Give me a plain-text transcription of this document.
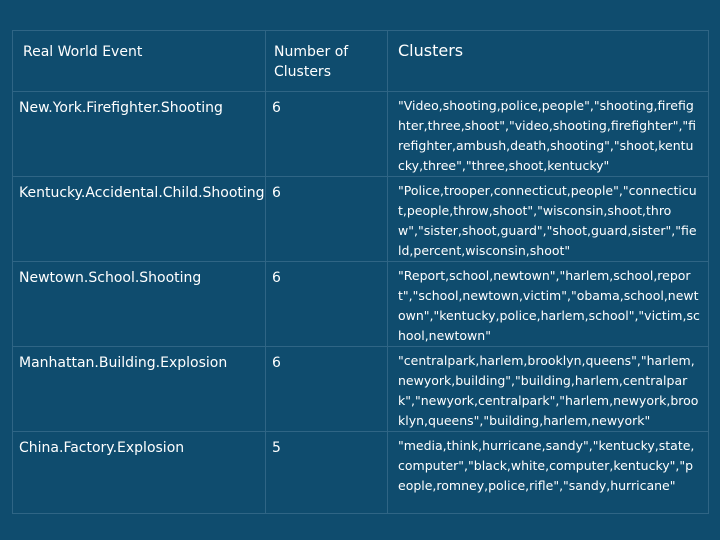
Real World Event	Number of Clusters	Clusters

New.York.Firefighter.Shooting	6	"Video,shooting,police,people","shooting,firefighter,three,shoot","video,shooting,firefighter","firefighter,ambush,death,shooting","shoot,kentucky,three","three,shoot,kentucky"

Kentucky.Accidental.Child.Shooting	6	"Police,trooper,connecticut,people","connecticut,people,throw,shoot","wisconsin,shoot,throw","sister,shoot,guard","shoot,guard,sister","field,percent,wisconsin,shoot"

Newtown.School.Shooting	6	"Report,school,newtown","harlem,school,report","school,newtown,victim","obama,school,newtown","kentucky,police,harlem,school","victim,school,newtown"

Manhattan.Building.Explosion	6	"centralpark,harlem,brooklyn,queens","harlem,newyork,building","building,harlem,centralpark","newyork,centralpark","harlem,newyork,brooklyn,queens","building,harlem,newyork"

China.Factory.Explosion	5	"media,think,hurricane,sandy","kentucky,state,computer","black,white,computer,kentucky","people,romney,police,rifle","sandy,hurricane"
